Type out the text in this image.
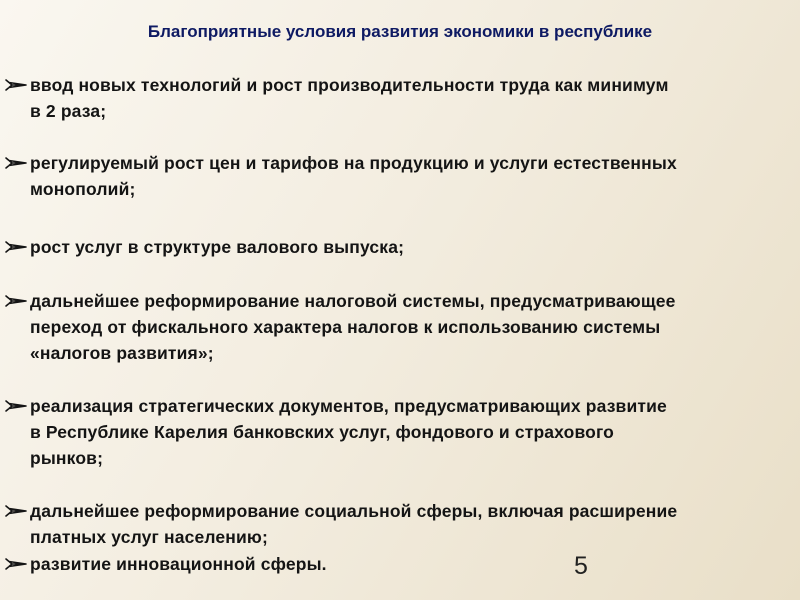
Благоприятные условия развития экономики в республике
ввод новых технологий и рост производительности труда как минимум
в 2 раза;
регулируемый рост цен и тарифов на продукцию и услуги естественных
монополий;
рост услуг в структуре валового выпуска;
дальнейшее реформирование налоговой системы, предусматривающее
переход от фискального характера налогов к использованию системы
«налогов развития»;
реализация стратегических документов, предусматривающих развитие
в Республике Карелия банковских услуг, фондового и страхового
рынков;
дальнейшее реформирование социальной сферы, включая расширение
платных услуг населению;
развитие инновационной сферы.	5
